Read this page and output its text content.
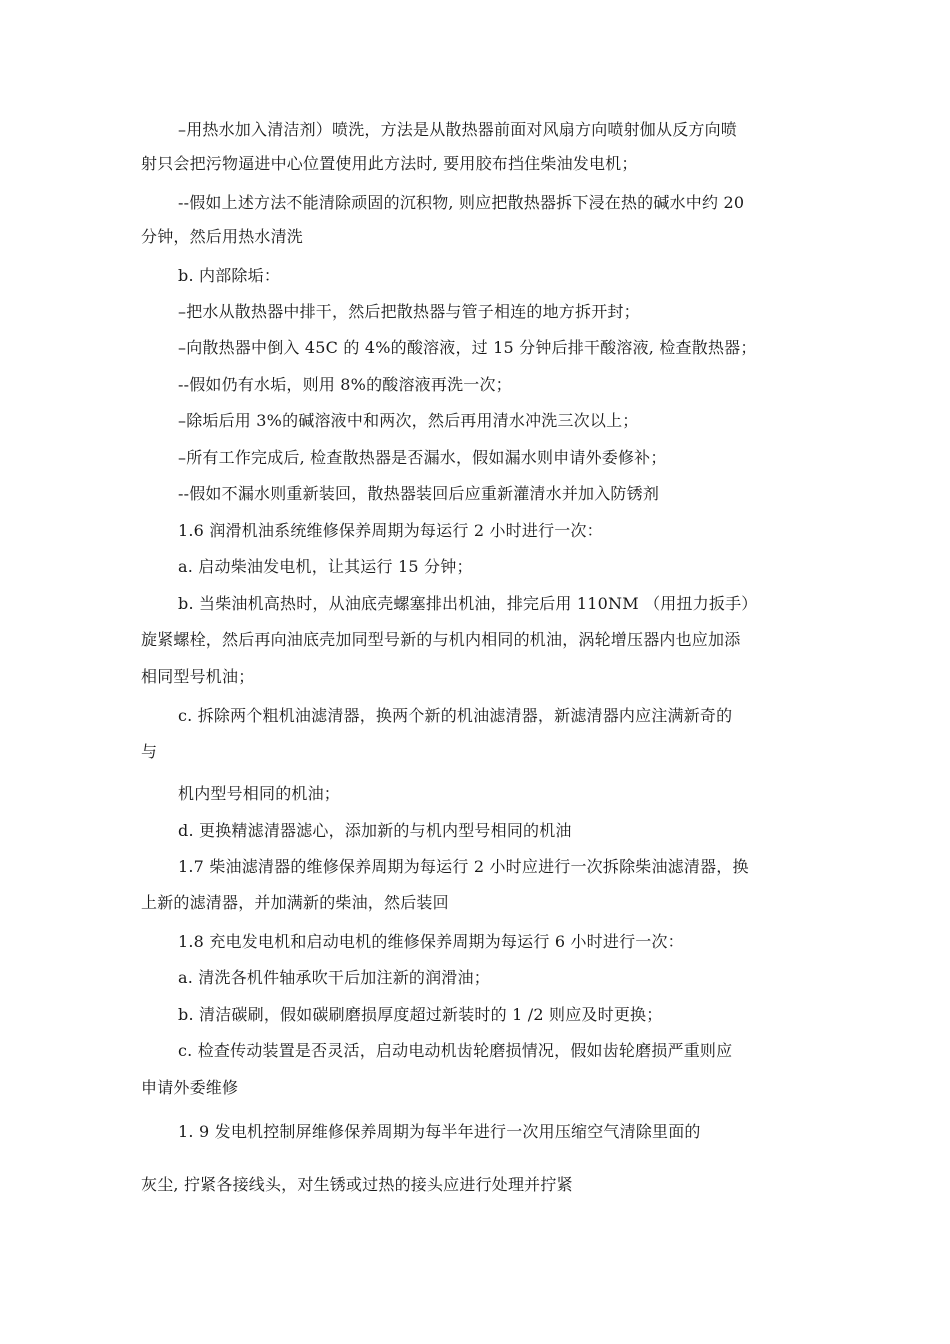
–用热水加入清洁剂）喷洗，方法是从散热器前面对风扇方向喷射伽从反方向喷
射只会把污物逼进中心位置使用此方法时, 要用胶布挡住柴油发电机；
--假如上述方法不能清除顽固的沉积物, 则应把散热器拆下浸在热的碱水中约 20
分钟，然后用热水清洗
b. 内部除垢：
–把水从散热器中排干，然后把散热器与管子相连的地方拆开封；
–向散热器中倒入 45C 的 4%的酸溶液，过 15 分钟后排干酸溶液, 检查散热器；
--假如仍有水垢，则用 8%的酸溶液再洗一次；
–除垢后用 3%的碱溶液中和两次，然后再用清水冲洗三次以上；
–所有工作完成后, 检查散热器是否漏水，假如漏水则申请外委修补；
--假如不漏水则重新装回，散热器装回后应重新灌清水并加入防锈剂
1.6 润滑机油系统维修保养周期为每运行 2 小时进行一次：
a. 启动柴油发电机，让其运行 15 分钟；
b. 当柴油机高热时，从油底壳螺塞排出机油，排完后用 110NM （用扭力扳手）
旋紧螺栓，然后再向油底壳加同型号新的与机内相同的机油，涡轮增压器内也应加添
相同型号机油；
c. 拆除两个粗机油滤清器，换两个新的机油滤清器，新滤清器内应注满新奇的
与
机内型号相同的机油；
d. 更换精滤清器滤心，添加新的与机内型号相同的机油
1.7 柴油滤清器的维修保养周期为每运行 2 小时应进行一次拆除柴油滤清器，换
上新的滤清器，并加满新的柴油，然后装回
1.8 充电发电机和启动电机的维修保养周期为每运行 6 小时进行一次：
a. 清洗各机件轴承吹干后加注新的润滑油；
b. 清洁碳刷，假如碳刷磨损厚度超过新装时的 1 /2 则应及时更换；
c. 检查传动装置是否灵活，启动电动机齿轮磨损情况，假如齿轮磨损严重则应
申请外委维修
1. 9 发电机控制屏维修保养周期为每半年进行一次用压缩空气清除里面的
灰尘, 拧紧各接线头，对生锈或过热的接头应进行处理并拧紧
